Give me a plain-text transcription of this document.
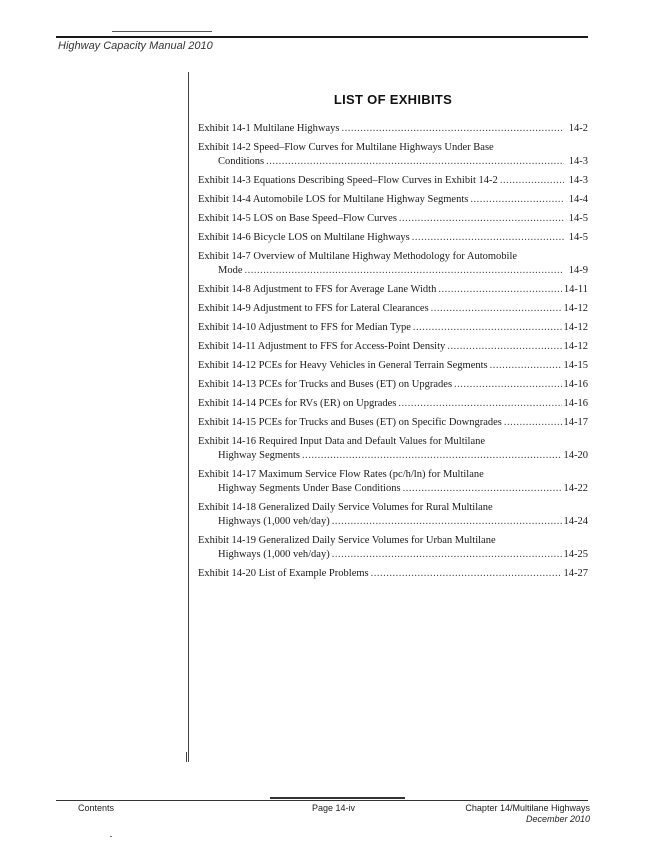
Highway Capacity Manual 2010
LIST OF EXHIBITS
Exhibit 14-1 Multilane Highways .....	14-2
Exhibit 14-2 Speed–Flow Curves for Multilane Highways Under Base
Conditions .....	14-3
Exhibit 14-3 Equations Describing Speed–Flow Curves in Exhibit 14-2 .....	14-3
Exhibit 14-4 Automobile LOS for Multilane Highway Segments .....	14-4
Exhibit 14-5 LOS on Base Speed–Flow Curves .....	14-5
Exhibit 14-6 Bicycle LOS on Multilane Highways .....	14-5
Exhibit 14-7 Overview of Multilane Highway Methodology for Automobile
Mode .....	14-9
Exhibit 14-8 Adjustment to FFS for Average Lane Width .....	14-11
Exhibit 14-9 Adjustment to FFS for Lateral Clearances .....	14-12
Exhibit 14-10 Adjustment to FFS for Median Type .....	14-12
Exhibit 14-11 Adjustment to FFS for Access-Point Density .....	14-12
Exhibit 14-12 PCEs for Heavy Vehicles in General Terrain Segments .....	14-15
Exhibit 14-13 PCEs for Trucks and Buses (ET) on Upgrades .....	14-16
Exhibit 14-14 PCEs for RVs (ER) on Upgrades .....	14-16
Exhibit 14-15 PCEs for Trucks and Buses (ET) on Specific Downgrades .....	14-17
Exhibit 14-16 Required Input Data and Default Values for Multilane
Highway Segments .....	14-20
Exhibit 14-17 Maximum Service Flow Rates (pc/h/ln) for Multilane
Highway Segments Under Base Conditions .....	14-22
Exhibit 14-18 Generalized Daily Service Volumes for Rural Multilane
Highways (1,000 veh/day) .....	14-24
Exhibit 14-19 Generalized Daily Service Volumes for Urban Multilane
Highways (1,000 veh/day) .....	14-25
Exhibit 14-20 List of Example Problems .....	14-27
Contents	Page 14-iv	Chapter 14/Multilane Highways
December 2010
